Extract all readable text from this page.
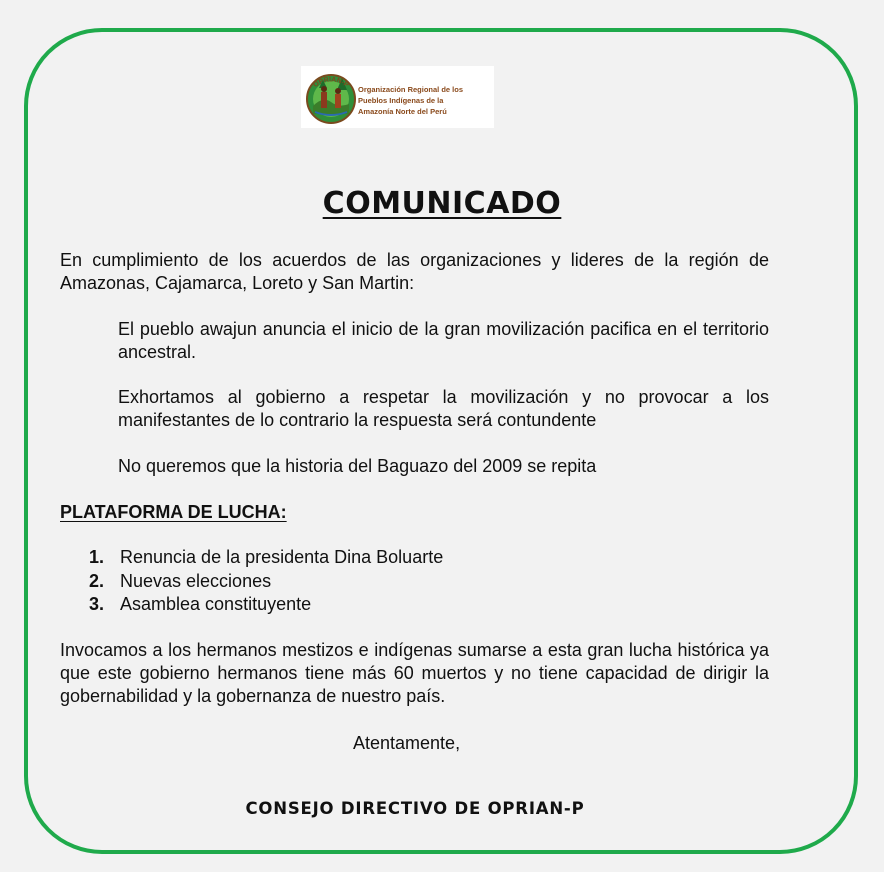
OPRIAN-P
Organización Regional de los
Pueblos Indígenas de la
Amazonía Norte del Perú
COMUNICADO
En cumplimiento de los acuerdos de las organizaciones y lideres de la región de Amazonas, Cajamarca, Loreto y San Martin:
El pueblo awajun anuncia el inicio de la gran movilización pacifica en el territorio ancestral.
Exhortamos al gobierno a respetar la movilización y no provocar a los manifestantes de lo contrario la respuesta será contundente
No queremos que la historia del Baguazo del 2009 se repita
PLATAFORMA DE LUCHA:
1. Renuncia de la presidenta Dina Boluarte
2. Nuevas elecciones
3. Asamblea constituyente
Invocamos a los hermanos mestizos e indígenas sumarse a esta gran lucha histórica ya que este gobierno hermanos tiene más 60 muertos y no tiene capacidad de dirigir la gobernabilidad y la gobernanza de nuestro país.
Atentamente,
CONSEJO DIRECTIVO DE OPRIAN-P
